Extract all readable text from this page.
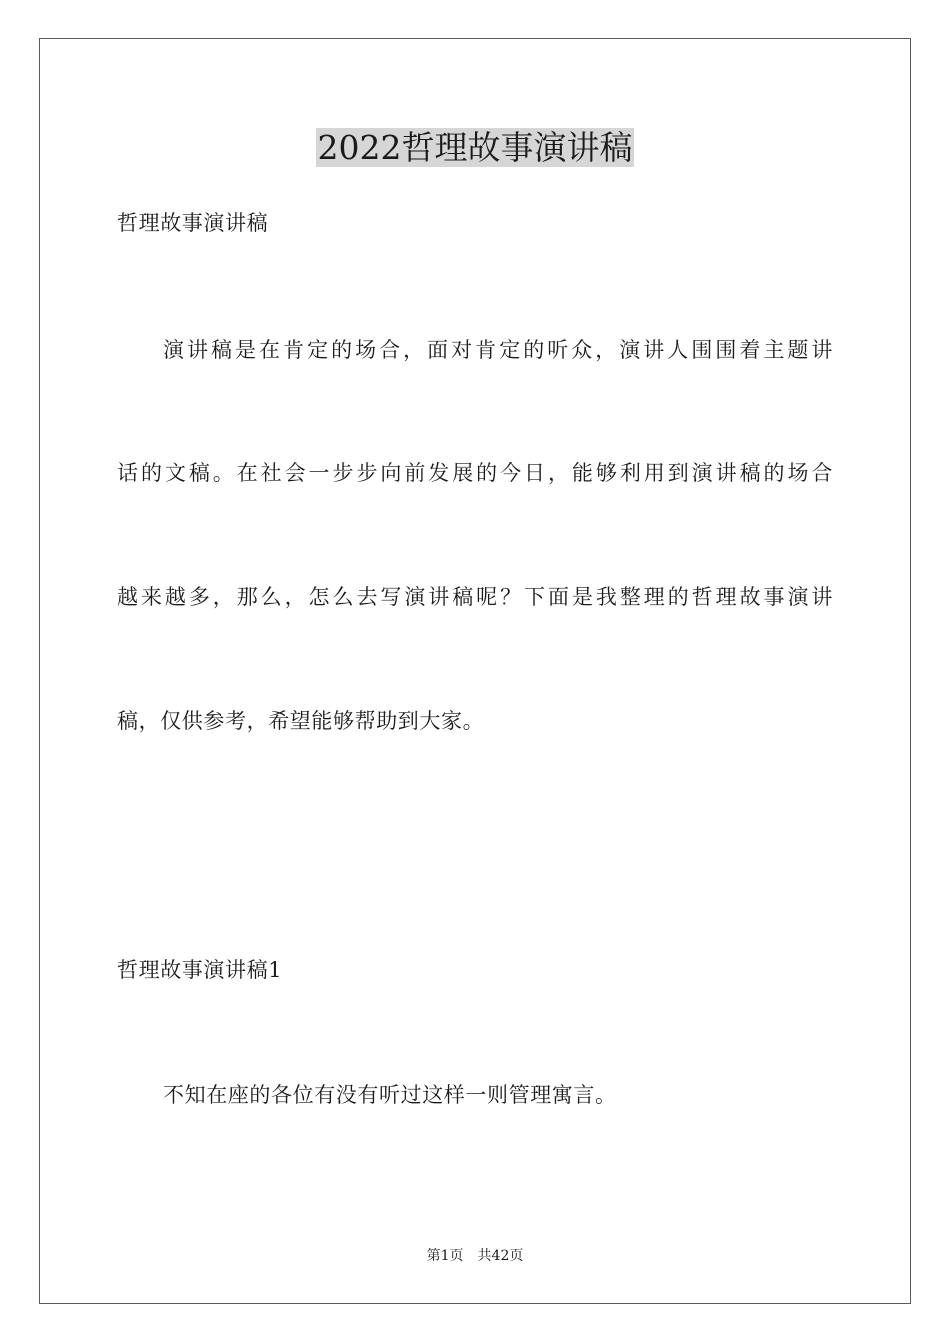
2022哲理故事演讲稿

哲理故事演讲稿

演讲稿是在肯定的场合，面对肯定的听众，演讲人围围着主题讲

话的文稿。在社会一步步向前发展的今日，能够利用到演讲稿的场合

越来越多，那么，怎么去写演讲稿呢？下面是我整理的哲理故事演讲

稿，仅供参考，希望能够帮助到大家。

哲理故事演讲稿1

不知在座的各位有没有听过这样一则管理寓言。

第1页 共42页
